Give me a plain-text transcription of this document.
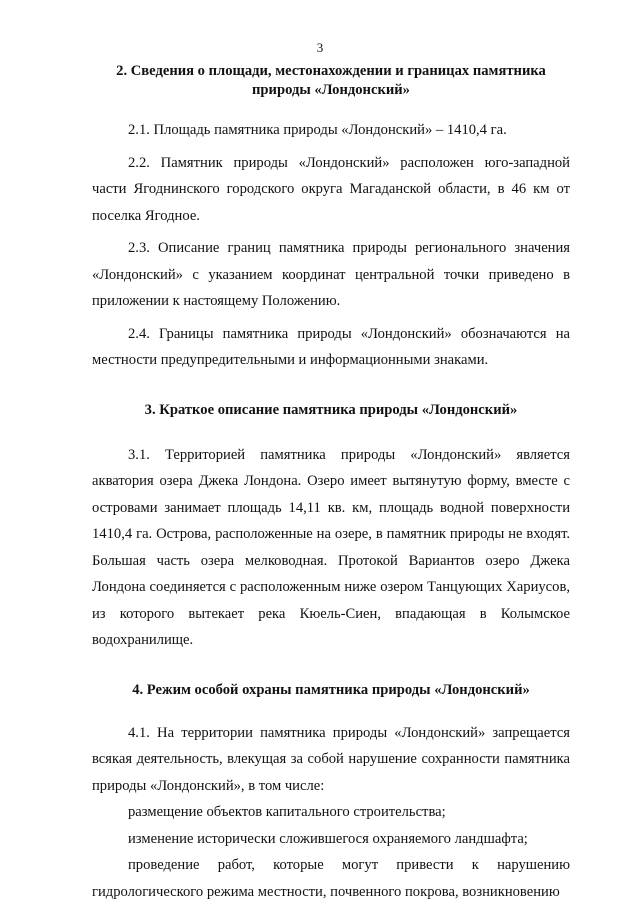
3
2. Сведения о площади, местонахождении и границах памятника природы «Лондонский»

2.1. Площадь памятника природы «Лондонский» – 1410,4 га.

2.2. Памятник природы «Лондонский» расположен юго-западной части Ягоднинского городского округа Магаданской области, в 46 км от поселка Ягодное.

2.3. Описание границ памятника природы регионального значения «Лондонский» с указанием координат центральной точки приведено в приложении к настоящему Положению.

2.4. Границы памятника природы «Лондонский» обозначаются на местности предупредительными и информационными знаками.

3. Краткое описание памятника природы «Лондонский»

3.1. Территорией памятника природы «Лондонский» является акватория озера Джека Лондона. Озеро имеет вытянутую форму, вместе с островами занимает площадь 14,11 кв. км, площадь водной поверхности 1410,4 га. Острова, расположенные на озере, в памятник природы не входят. Большая часть озера мелководная. Протокой Вариантов озеро Джека Лондона соединяется с расположенным ниже озером Танцующих Хариусов, из которого вытекает река Кюель-Сиен, впадающая в Колымское водохранилище.

4. Режим особой охраны памятника природы «Лондонский»

4.1. На территории памятника природы «Лондонский» запрещается всякая деятельность, влекущая за собой нарушение сохранности памятника природы «Лондонский», в том числе:

размещение объектов капитального строительства;

изменение исторически сложившегося охраняемого ландшафта;

проведение работ, которые могут привести к нарушению гидрологического режима местности, почвенного покрова, возникновению
